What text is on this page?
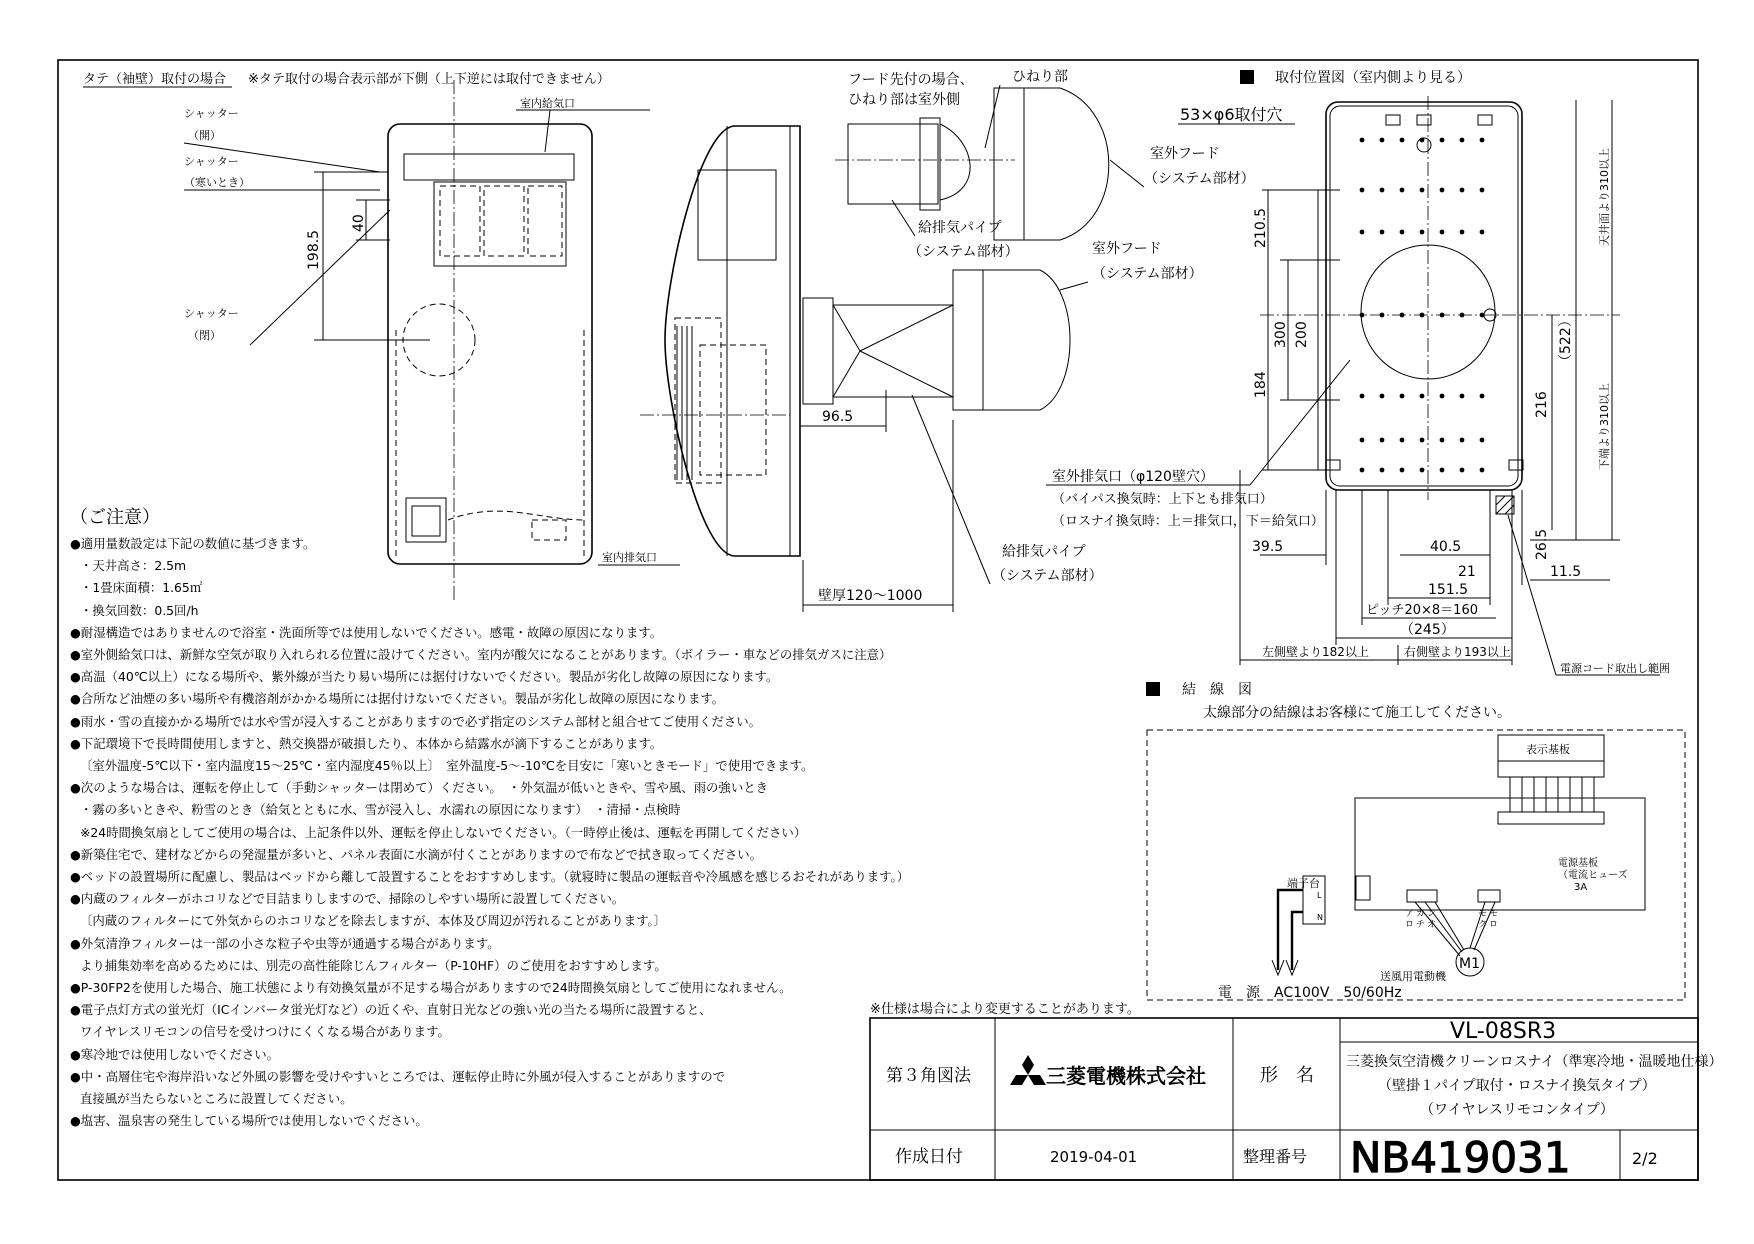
タテ（袖壁）取付の場合 ※タテ取付の場合表示部が下側（上下逆には取付できません）
シャッター
（開）
シャッター
（寒いとき）
シャッター
（閉）
室内給気口
室内排気口
198.5
40
フード先付の場合、
ひねり部は室外側
ひねり部
室外フード
（システム部材）
給排気パイプ
（システム部材）	室外フード
（システム部材）
給排気パイプ
（システム部材）
96.5
壁厚120～1000
取付位置図（室内側より見る）
53×φ6取付穴
210.5
300 200
184
216
（522）
天井面より310以上
下端より310以上
26.5
室外排気口（φ120壁穴）
（バイパス換気時：上下とも排気口）
（ロスナイ換気時：上＝排気口，下＝給気口）
39.5	40.5
21	11.5
151.5
ピッチ20×8＝160
（245）
左側壁より182以上	右側壁より193以上
電源コード取出し範囲
結　線　図
太線部分の結線はお客様にて施工してください。
表示基板
電源基板
（電流ヒューズ
3A
端子台
L
N	ア カ ン
ロ チ オ
モ モ
ク ロ
M1
送風用電動機
電　源　AC100V　50/60Hz
※仕様は場合により変更することがあります。
第３角図法	三菱電機株式会社	形　名
VL-08SR3
三菱換気空清機クリーンロスナイ（準寒冷地・温暖地仕様）
（壁掛１パイプ取付・ロスナイ換気タイプ）
（ワイヤレスリモコンタイプ）
作成日付	2019-04-01	整理番号 NB419031	2/2
（ご注意）
●適用量数設定は下記の数値に基づきます。
・天井高さ：2.5m
・1畳床面積：1.65㎡
・換気回数：0.5回/h
●耐湿構造ではありませんので浴室・洗面所等では使用しないでください。感電・故障の原因になります。
●室外側給気口は、新鮮な空気が取り入れられる位置に設けてください。室内が酸欠になることがあります。（ボイラー・車などの排気ガスに注意）
●高温（40℃以上）になる場所や、紫外線が当たり易い場所には据付けないでください。製品が劣化し故障の原因になります。
●合所など油煙の多い場所や有機溶剤がかかる場所には据付けないでください。製品が劣化し故障の原因になります。
●雨水・雪の直接かかる場所では水や雪が浸入することがありますので必ず指定のシステム部材と組合せてご使用ください。
●下記環境下で長時間使用しますと、熱交換器が破損したり、本体から結露水が滴下することがあります。
〔室外温度-5℃以下・室内温度15～25℃・室内湿度45％以上〕　室外温度-5～-10℃を目安に「寒いときモード」で使用できます。
●次のような場合は、運転を停止して（手動シャッターは閉めて）ください。　・外気温が低いときや、雪や風、雨の強いとき
・霧の多いときや、粉雪のとき（給気とともに水、雪が浸入し、水濡れの原因になります）　・清掃・点検時
※24時間換気扇としてご使用の場合は、上記条件以外、運転を停止しないでください。（一時停止後は、運転を再開してください）
●新築住宅で、建材などからの発湿量が多いと、パネル表面に水滴が付くことがありますので布などで拭き取ってください。
●ベッドの設置場所に配慮し、製品はベッドから離して設置することをおすすめします。（就寝時に製品の運転音や冷風感を感じるおそれがあります。）
●内蔵のフィルターがホコリなどで目詰まりしますので、掃除のしやすい場所に設置してください。
〔内蔵のフィルターにて外気からのホコリなどを除去しますが、本体及び周辺が汚れることがあります。〕
●外気清浄フィルターは一部の小さな粒子や虫等が通過する場合があります。
より捕集効率を高めるためには、別売の高性能除じんフィルター（P-10HF）のご使用をおすすめします。
●P-30FP2を使用した場合、施工状態により有効換気量が不足する場合がありますので24時間換気扇としてご使用になれません。
●電子点灯方式の蛍光灯（ICインバータ蛍光灯など）の近くや、直射日光などの強い光の当たる場所に設置すると、
ワイヤレスリモコンの信号を受けつけにくくなる場合があります。
●寒冷地では使用しないでください。
●中・高層住宅や海岸沿いなど外風の影響を受けやすいところでは、運転停止時に外風が侵入することがありますので
直接風が当たらないところに設置してください。
●塩害、温泉害の発生している場所では使用しないでください。
